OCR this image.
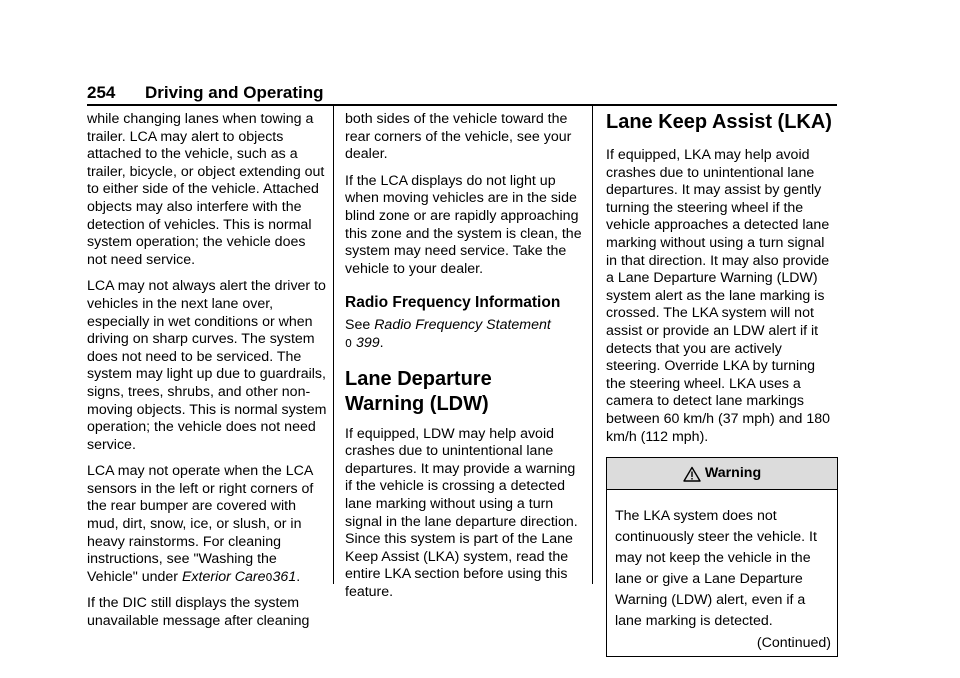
254 Driving and Operating

while changing lanes when towing a trailer. LCA may alert to objects attached to the vehicle, such as a trailer, bicycle, or object extending out to either side of the vehicle. Attached objects may also interfere with the detection of vehicles. This is normal system operation; the vehicle does not need service.

LCA may not always alert the driver to vehicles in the next lane over, especially in wet conditions or when driving on sharp curves. The system does not need to be serviced. The system may light up due to guardrails, signs, trees, shrubs, and other non-moving objects. This is normal system operation; the vehicle does not need service.

LCA may not operate when the LCA sensors in the left or right corners of the rear bumper are covered with mud, dirt, snow, ice, or slush, or in heavy rainstorms. For cleaning instructions, see "Washing the Vehicle" under Exterior Care0361.

If the DIC still displays the system unavailable message after cleaning

both sides of the vehicle toward the rear corners of the vehicle, see your dealer.

If the LCA displays do not light up when moving vehicles are in the side blind zone or are rapidly approaching this zone and the system is clean, the system may need service. Take the vehicle to your dealer.

Radio Frequency Information

See Radio Frequency Statement
0 399.

Lane Departure
Warning (LDW)

If equipped, LDW may help avoid crashes due to unintentional lane departures. It may provide a warning if the vehicle is crossing a detected lane marking without using a turn signal in the lane departure direction. Since this system is part of the Lane Keep Assist (LKA) system, read the entire LKA section before using this feature.

Lane Keep Assist (LKA)

If equipped, LKA may help avoid crashes due to unintentional lane departures. It may assist by gently turning the steering wheel if the vehicle approaches a detected lane marking without using a turn signal in that direction. It may also provide a Lane Departure Warning (LDW) system alert as the lane marking is crossed. The LKA system will not assist or provide an LDW alert if it detects that you are actively steering. Override LKA by turning the steering wheel. LKA uses a camera to detect lane markings between 60 km/h (37 mph) and 180 km/h (112 mph).

Warning

The LKA system does not continuously steer the vehicle. It may not keep the vehicle in the lane or give a Lane Departure Warning (LDW) alert, even if a lane marking is detected.

(Continued)
